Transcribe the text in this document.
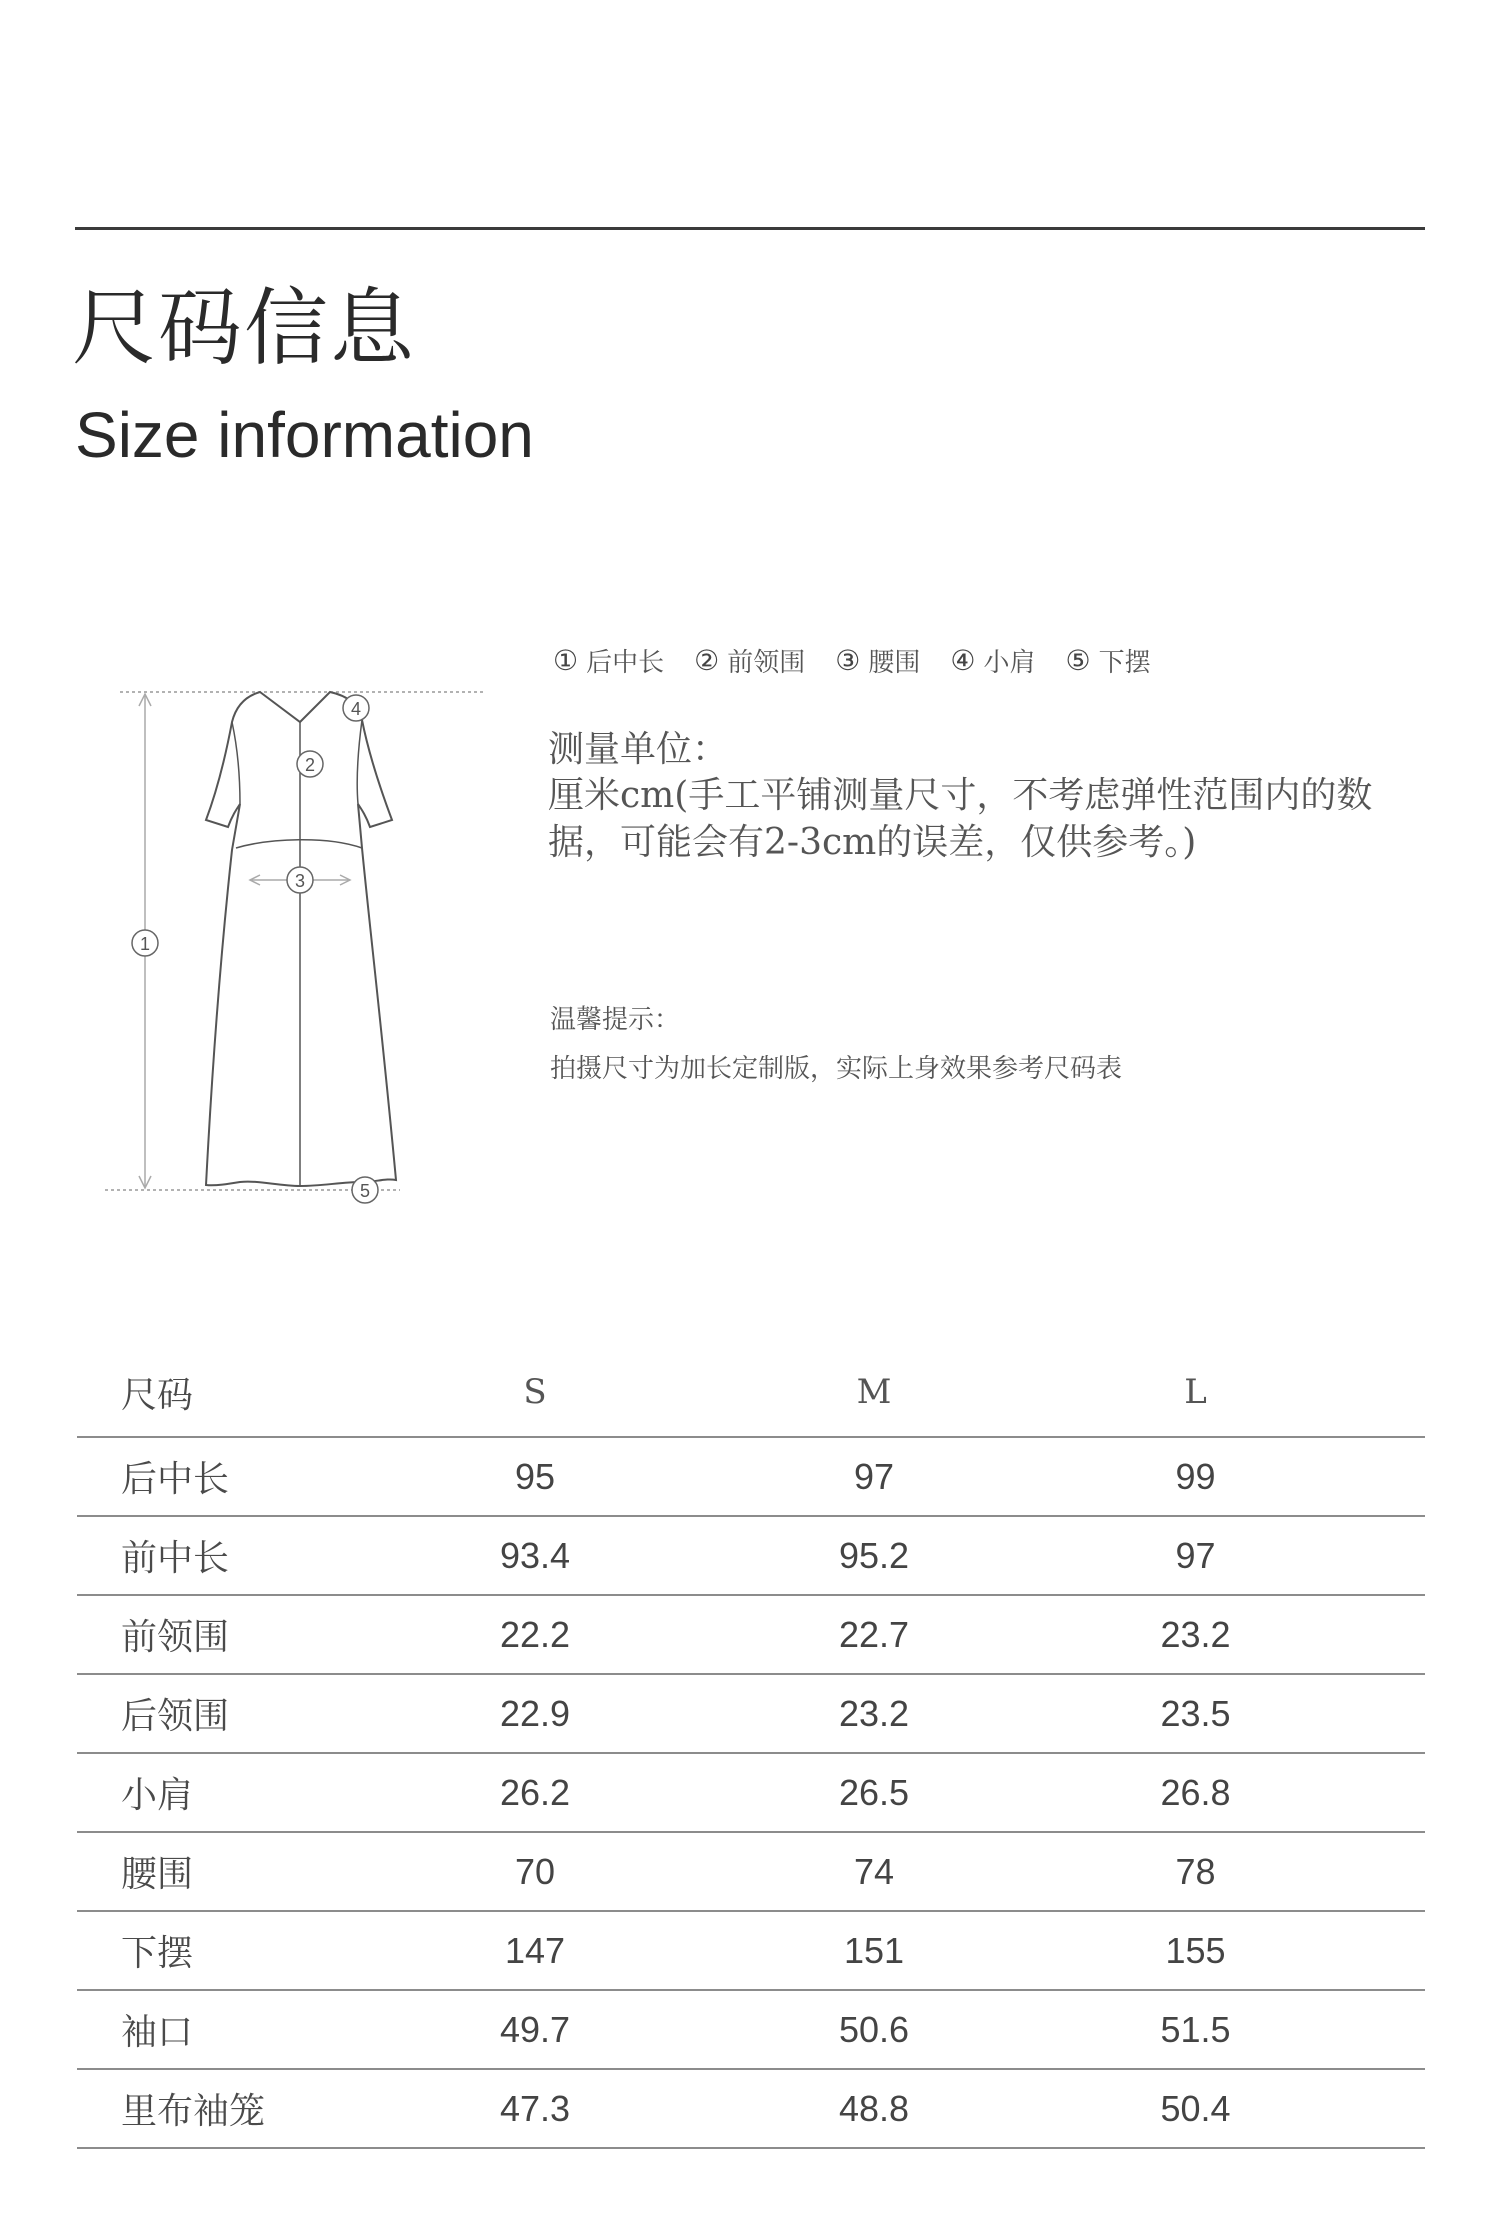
尺码信息
Size information
1
2
3
4
5
① 后中长 ② 前领围 ③ 腰围 ④ 小肩 ⑤ 下摆
测量单位：
厘米cm(手工平铺测量尺寸，不考虑弹性范围内的数据，可能会有2-3cm的误差，仅供参考。)
温馨提示：
拍摄尺寸为加长定制版，实际上身效果参考尺码表
尺码	S	M	L
后中长	95	97	99
前中长	93.4	95.2	97
前领围	22.2	22.7	23.2
后领围	22.9	23.2	23.5
小肩	26.2	26.5	26.8
腰围	70	74	78
下摆	147	151	155
袖口	49.7	50.6	51.5
里布袖笼	47.3	48.8	50.4
